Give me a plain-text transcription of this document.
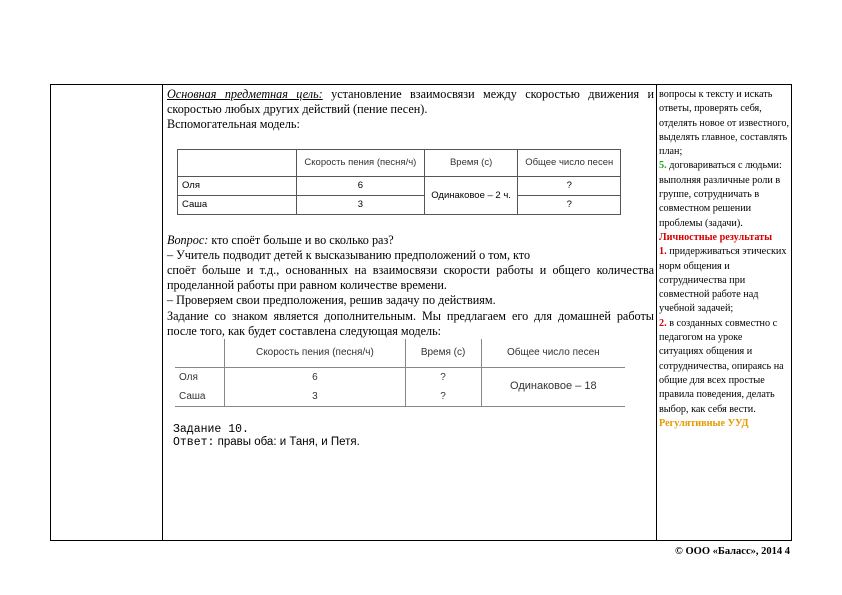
Основная предметная цель: установление взаимосвязи между скоростью движения и скоростью любых других действий (пение песен).

Вспомогательная модель:

	Скорость пения (песня/ч)	Время (с)	Общее число песен
Оля	6	Одинаковое – 2 ч.	?
Саша	3		?

Вопрос: кто споёт больше и во сколько раз?

– Учитель подводит детей к высказыванию предположений о том, кто

спoёт больше и т.д., основанных на взаимосвязи скорости работы и общего количества проделанной работы при равном количестве времени.

– Проверяем свои предположения, решив задачу по действиям.

Задание со знаком является дополнительным. Мы предлагаем его для домашней работы после того, как будет составлена следующая модель:

	Скорость пения (песня/ч)	Время (с)	Общее число песен
Оля	6	?	Одинаковое – 18
Саша	3	?	

Задание 10.
Ответ: правы оба: и Таня, и Петя.
вопросы к тексту и искать ответы, проверять себя, отделять новое от известного, выделять главное, составлять план;
5. договариваться с людьми: выполняя различные роли в группе, сотрудничать в совместном решении проблемы (задачи).
Личностные результаты
1. придерживаться этических норм общения и сотрудничества при совместной работе над учебной задачей;
2. в созданных совместно с педагогом на уроке ситуациях общения и сотрудничества, опираясь на общие для всех простые правила поведения, делать выбор, как себя вести.
Регулятивные УУД
© ООО «Баласс», 2014 4
